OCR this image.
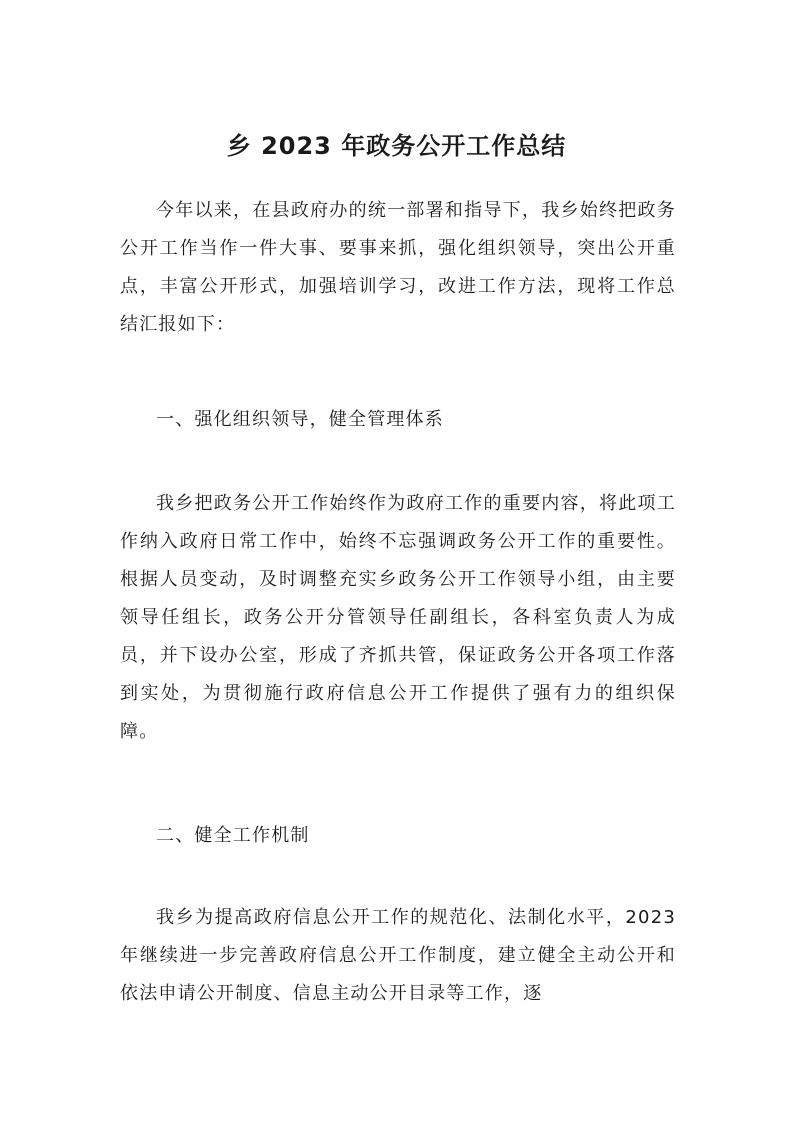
乡 2023 年政务公开工作总结

今年以来，在县政府办的统一部署和指导下，我乡始终把政务公开工作当作一件大事、要事来抓，强化组织领导，突出公开重点，丰富公开形式，加强培训学习，改进工作方法，现将工作总结汇报如下：

一、强化组织领导，健全管理体系

我乡把政务公开工作始终作为政府工作的重要内容，将此项工作纳入政府日常工作中，始终不忘强调政务公开工作的重要性。根据人员变动，及时调整充实乡政务公开工作领导小组，由主要领导任组长，政务公开分管领导任副组长，各科室负责人为成员，并下设办公室，形成了齐抓共管，保证政务公开各项工作落到实处，为贯彻施行政府信息公开工作提供了强有力的组织保障。

二、健全工作机制

我乡为提高政府信息公开工作的规范化、法制化水平，2023 年继续进一步完善政府信息公开工作制度，建立健全主动公开和依法申请公开制度、信息主动公开目录等工作，逐
